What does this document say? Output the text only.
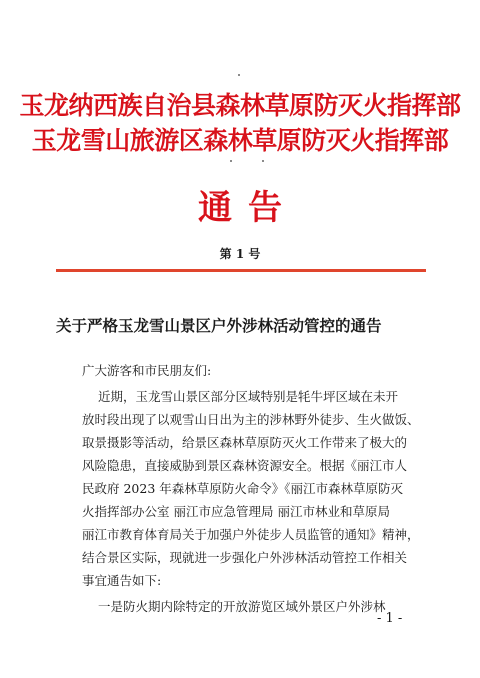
玉龙纳西族自治县森林草原防灭火指挥部
玉龙雪山旅游区森林草原防灭火指挥部
通告
第 1 号
关于严格玉龙雪山景区户外涉林活动管控的通告
广大游客和市民朋友们:
近期，玉龙雪山景区部分区域特别是牦牛坪区域在未开
放时段出现了以观雪山日出为主的涉林野外徒步、生火做饭、
取景摄影等活动，给景区森林草原防灭火工作带来了极大的
风险隐患，直接威胁到景区森林资源安全。根据《丽江市人
民政府 2023 年森林草原防火命令》《丽江市森林草原防灭
火指挥部办公室 丽江市应急管理局 丽江市林业和草原局
丽江市教育体育局关于加强户外徒步人员监管的通知》精神，
结合景区实际，现就进一步强化户外涉林活动管控工作相关
事宜通告如下:
一是防火期内除特定的开放游览区域外景区户外涉林
- 1 -
